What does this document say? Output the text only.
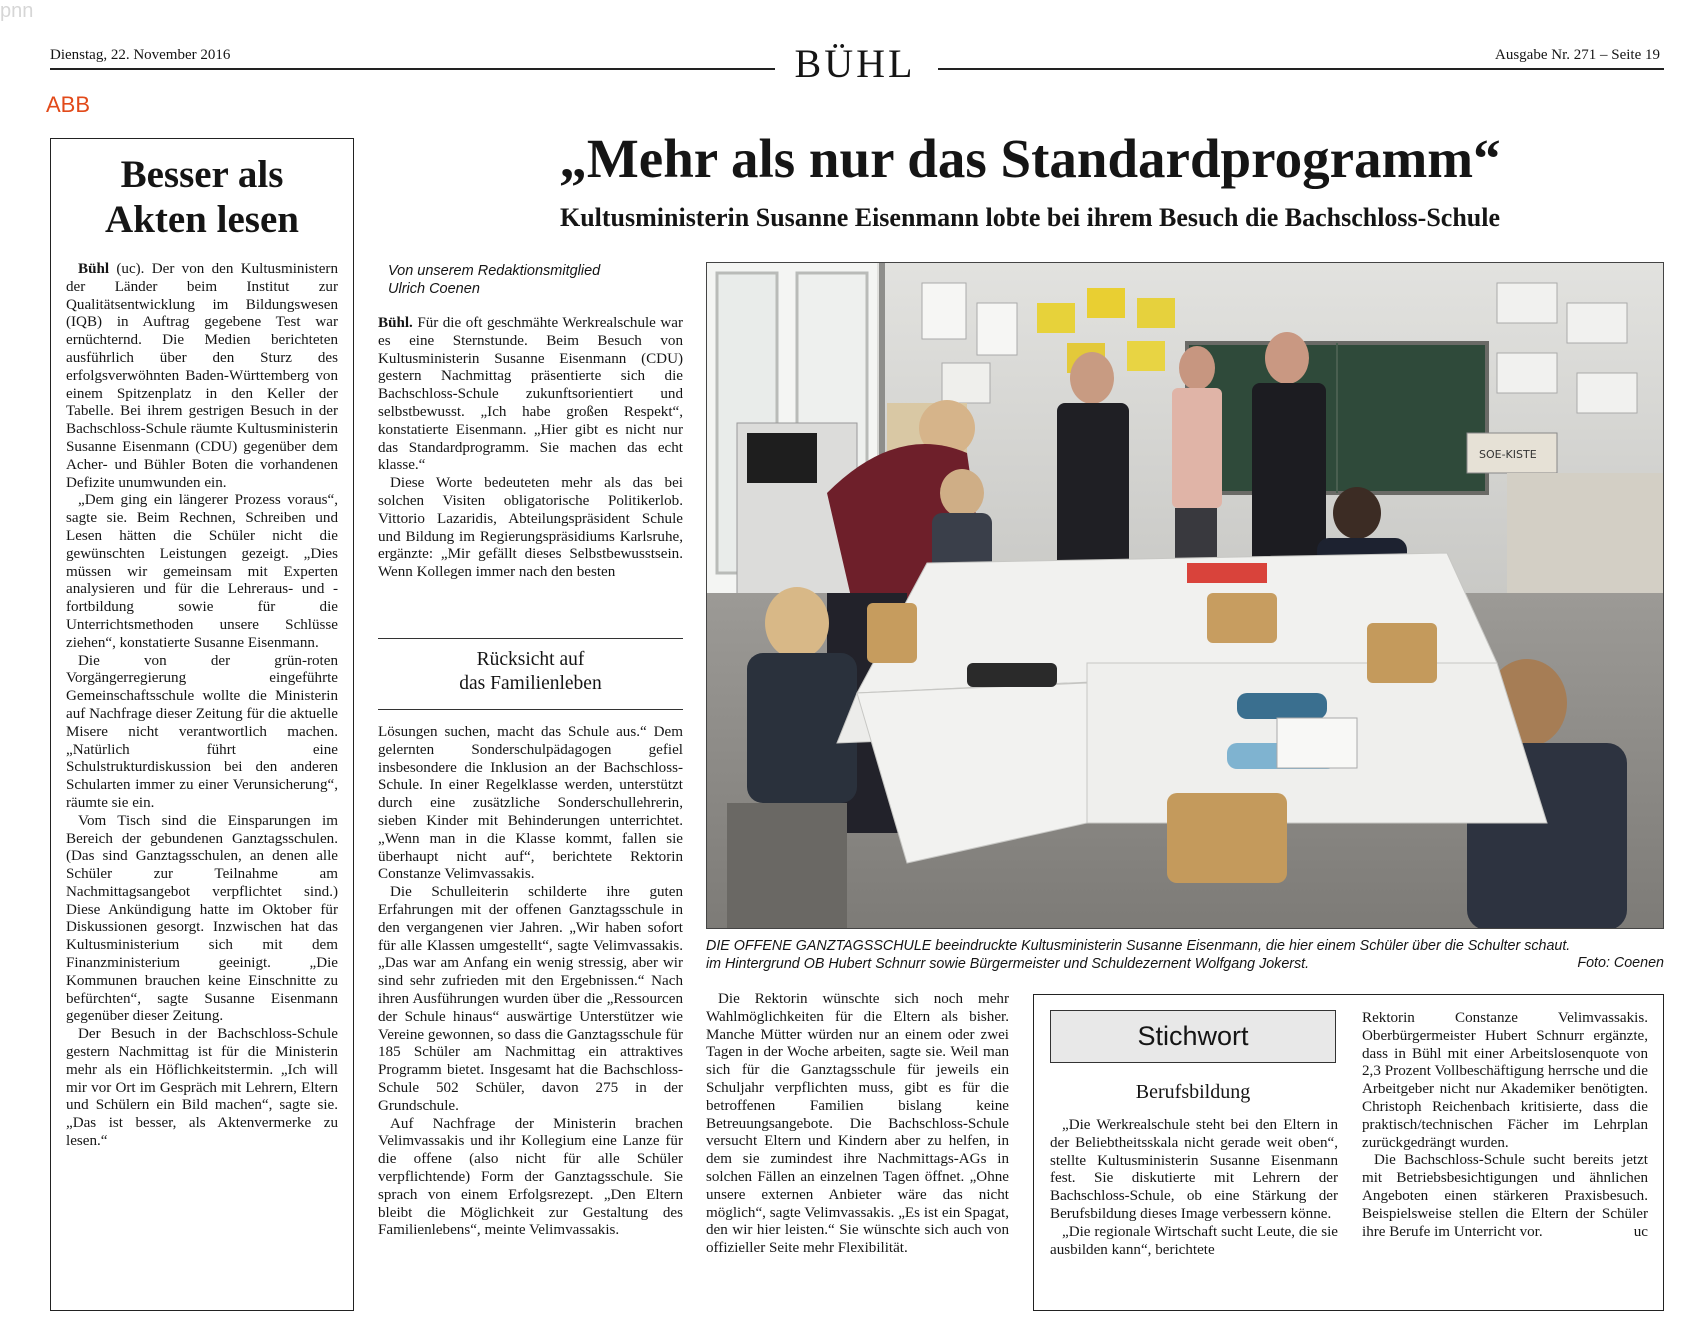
pnn
Dienstag, 22. November 2016	BÜHL	Ausgabe Nr. 271 – Seite 19
ABB
Besser als
Akten lesen

Bühl (uc). Der von den Kultusministern der Länder beim Institut zur Qualitätsentwicklung im Bildungswesen (IQB) in Auftrag gegebene Test war ernüchternd. Die Medien berichteten ausführlich über den Sturz des erfolgsverwöhnten Baden-Württemberg von einem Spitzenplatz in den Keller der Tabelle. Bei ihrem gestrigen Besuch in der Bachschloss-Schule räumte Kultusministerin Susanne Eisenmann (CDU) gegenüber dem Acher- und Bühler Boten die vorhandenen Defizite unumwunden ein.

„Dem ging ein längerer Prozess voraus“, sagte sie. Beim Rechnen, Schreiben und Lesen hätten die Schüler nicht die gewünschten Leistungen gezeigt. „Dies müssen wir gemeinsam mit Experten analysieren und für die Lehreraus- und -fortbildung sowie für die Unterrichtsmethoden unsere Schlüsse ziehen“, konstatierte Susanne Eisenmann.

Die von der grün-roten Vorgängerregierung eingeführte Gemeinschaftsschule wollte die Ministerin auf Nachfrage dieser Zeitung für die aktuelle Misere nicht verantwortlich machen. „Natürlich führt eine Schulstrukturdiskussion bei den anderen Schularten immer zu einer Verunsicherung“, räumte sie ein.

Vom Tisch sind die Einsparungen im Bereich der gebundenen Ganztagsschulen. (Das sind Ganztagsschulen, an denen alle Schüler zur Teilnahme am Nachmittagsangebot verpflichtet sind.) Diese Ankündigung hatte im Oktober für Diskussionen gesorgt. Inzwischen hat das Kultusministerium sich mit dem Finanzministerium geeinigt. „Die Kommunen brauchen keine Einschnitte zu befürchten“, sagte Susanne Eisenmann gegenüber dieser Zeitung.

Der Besuch in der Bachschloss-Schule gestern Nachmittag ist für die Ministerin mehr als ein Höflichkeitstermin. „Ich will mir vor Ort im Gespräch mit Lehrern, Eltern und Schülern ein Bild machen“, sagte sie. „Das ist besser, als Aktenvermerke zu lesen.“

„Mehr als nur das Standardprogramm“
Kultusministerin Susanne Eisenmann lobte bei ihrem Besuch die Bachschloss-Schule
Von unserem Redaktionsmitglied
Ulrich Coenen

Bühl. Für die oft geschmähte Werkrealschule war es eine Sternstunde. Beim Besuch von Kultusministerin Susanne Eisenmann (CDU) gestern Nachmittag präsentierte sich die Bachschloss-Schule zukunftsorientiert und selbstbewusst. „Ich habe großen Respekt“, konstatierte Eisenmann. „Hier gibt es nicht nur das Standardprogramm. Sie machen das echt klasse.“

Diese Worte bedeuteten mehr als das bei solchen Visiten obligatorische Politikerlob. Vittorio Lazaridis, Abteilungspräsident Schule und Bildung im Regierungspräsidiums Karlsruhe, ergänzte: „Mir gefällt dieses Selbstbewusstsein. Wenn Kollegen immer nach den besten

Rücksicht auf
das Familienleben

Lösungen suchen, macht das Schule aus.“ Dem gelernten Sonderschulpädagogen gefiel insbesondere die Inklusion an der Bachschloss-Schule. In einer Regelklasse werden, unterstützt durch eine zusätzliche Sonderschullehrerin, sieben Kinder mit Behinderungen unterrichtet. „Wenn man in die Klasse kommt, fallen sie überhaupt nicht auf“, berichtete Rektorin Constanze Velimvassakis.

Die Schulleiterin schilderte ihre guten Erfahrungen mit der offenen Ganztagsschule in den vergangenen vier Jahren. „Wir haben sofort für alle Klassen umgestellt“, sagte Velimvassakis. „Das war am Anfang ein wenig stressig, aber wir sind sehr zufrieden mit den Ergebnissen.“ Nach ihren Ausführungen wurden über die „Ressourcen der Schule hinaus“ auswärtige Unterstützer wie Vereine gewonnen, so dass die Ganztagsschule für 185 Schüler am Nachmittag ein attraktives Programm bietet. Insgesamt hat die Bachschloss-Schule 502 Schüler, davon 275 in der Grundschule.

Auf Nachfrage der Ministerin brachen Velimvassakis und ihr Kollegium eine Lanze für die offene (also nicht für alle Schüler verpflichtende) Form der Ganztagsschule. Sie sprach von einem Erfolgsrezept. „Den Eltern bleibt die Möglichkeit zur Gestaltung des Familienlebens“, meinte Velimvassakis.

SOE-KISTE
DIE OFFENE GANZTAGSSCHULE beeindruckte Kultusministerin Susanne Eisenmann, die hier einem Schüler über die Schulter schaut.
im Hintergrund OB Hubert Schnurr sowie Bürgermeister und Schuldezernent Wolfgang Jokerst.	Foto: Coenen

Die Rektorin wünschte sich noch mehr Wahlmöglichkeiten für die Eltern als bisher. Manche Mütter würden nur an einem oder zwei Tagen in der Woche arbeiten, sagte sie. Weil man sich für die Ganztagsschule für jeweils ein Schuljahr verpflichten muss, gibt es für die betroffenen Familien bislang keine Betreuungsangebote. Die Bachschloss-Schule versucht Eltern und Kindern aber zu helfen, in dem sie zumindest ihre Nachmittags-AGs in solchen Fällen an einzelnen Tagen öffnet. „Ohne unsere externen Anbieter wäre das nicht möglich“, sagte Velimvassakis. „Es ist ein Spagat, den wir hier leisten.“ Sie wünschte sich auch von offizieller Seite mehr Flexibilität.

Stichwort
Berufsbildung

„Die Werkrealschule steht bei den Eltern in der Beliebtheitsskala nicht gerade weit oben“, stellte Kultusministerin Susanne Eisenmann fest. Sie diskutierte mit Lehrern der Bachschloss-Schule, ob eine Stärkung der Berufsbildung dieses Image verbessern könne.

„Die regionale Wirtschaft sucht Leute, die sie ausbilden kann“, berichtete

Rektorin Constanze Velimvassakis. Oberbürgermeister Hubert Schnurr ergänzte, dass in Bühl mit einer Arbeitslosenquote von 2,3 Prozent Vollbeschäftigung herrsche und die Arbeitgeber nicht nur Akademiker benötigten. Christoph Reichenbach kritisierte, dass die praktisch/technischen Fächer im Lehrplan zurückgedrängt wurden.

Die Bachschloss-Schule sucht bereits jetzt mit Betriebsbesichtigungen und ähnlichen Angeboten einen stärkeren Praxisbesuch. Beispielsweise stellen die Eltern der Schüler ihre Berufe im Unterricht vor.	uc
